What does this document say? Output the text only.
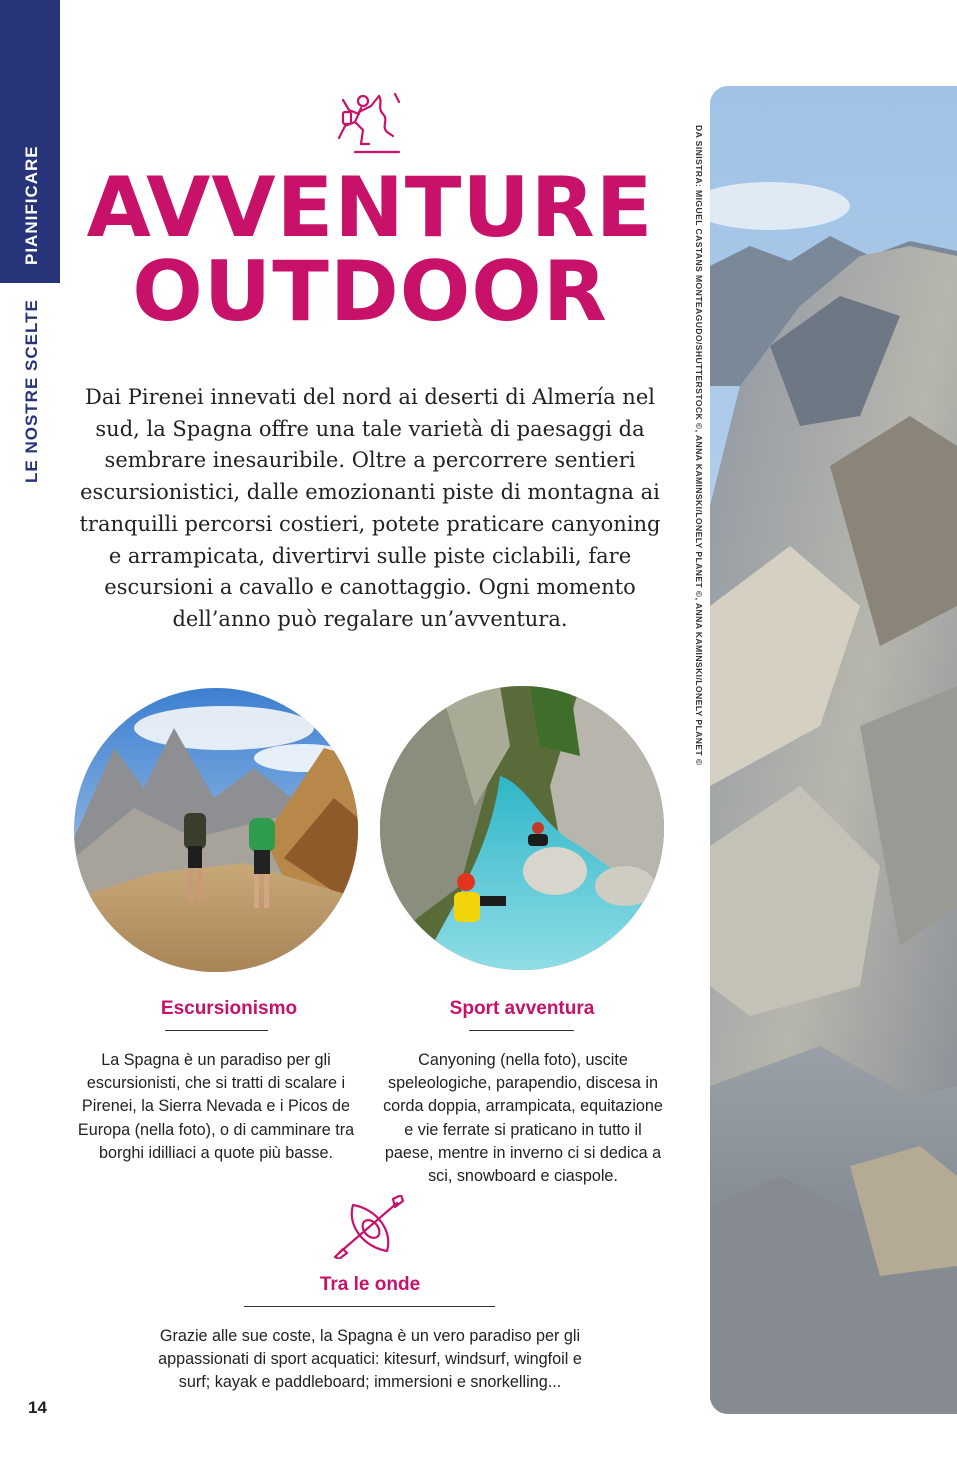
PIANIFICARE
LE NOSTRE SCELTE
AVVENTURE
OUTDOOR

Dai Pirenei innevati del nord ai deserti di Almería nel sud, la Spagna offre una tale varietà di paesaggi da sembrare inesauribile. Oltre a percorrere sentieri escursionistici, dalle emozionanti piste di montagna ai tranquilli percorsi costieri, potete praticare canyoning e arrampicata, divertirvi sulle piste ciclabili, fare escursioni a cavallo e canottaggio. Ogni momento dell’anno può regalare un’avventura.

Escursionismo

La Spagna è un paradiso per gli escursionisti, che si tratti di scalare i Pirenei, la Sierra Nevada e i Picos de Europa (nella foto), o di camminare tra borghi idilliaci a quote più basse.

Sport avventura

Canyoning (nella foto), uscite speleologiche, parapendio, discesa in corda doppia, arrampicata, equitazione e vie ferrate si praticano in tutto il paese, mentre in inverno ci si dedica a sci, snowboard e ciaspole.

Tra le onde

Grazie alle sue coste, la Spagna è un vero paradiso per gli appassionati di sport acquatici: kitesurf, windsurf, wingfoil e surf; kayak e paddleboard; immersioni e snorkelling...

14
DA SINISTRA: MIGUEL CASTANS MONTEAGUDO/SHUTTERSTOCK ©, ANNA KAMINSKI/LONELY PLANET ©, ANNA KAMINSKI/LONELY PLANET ©
